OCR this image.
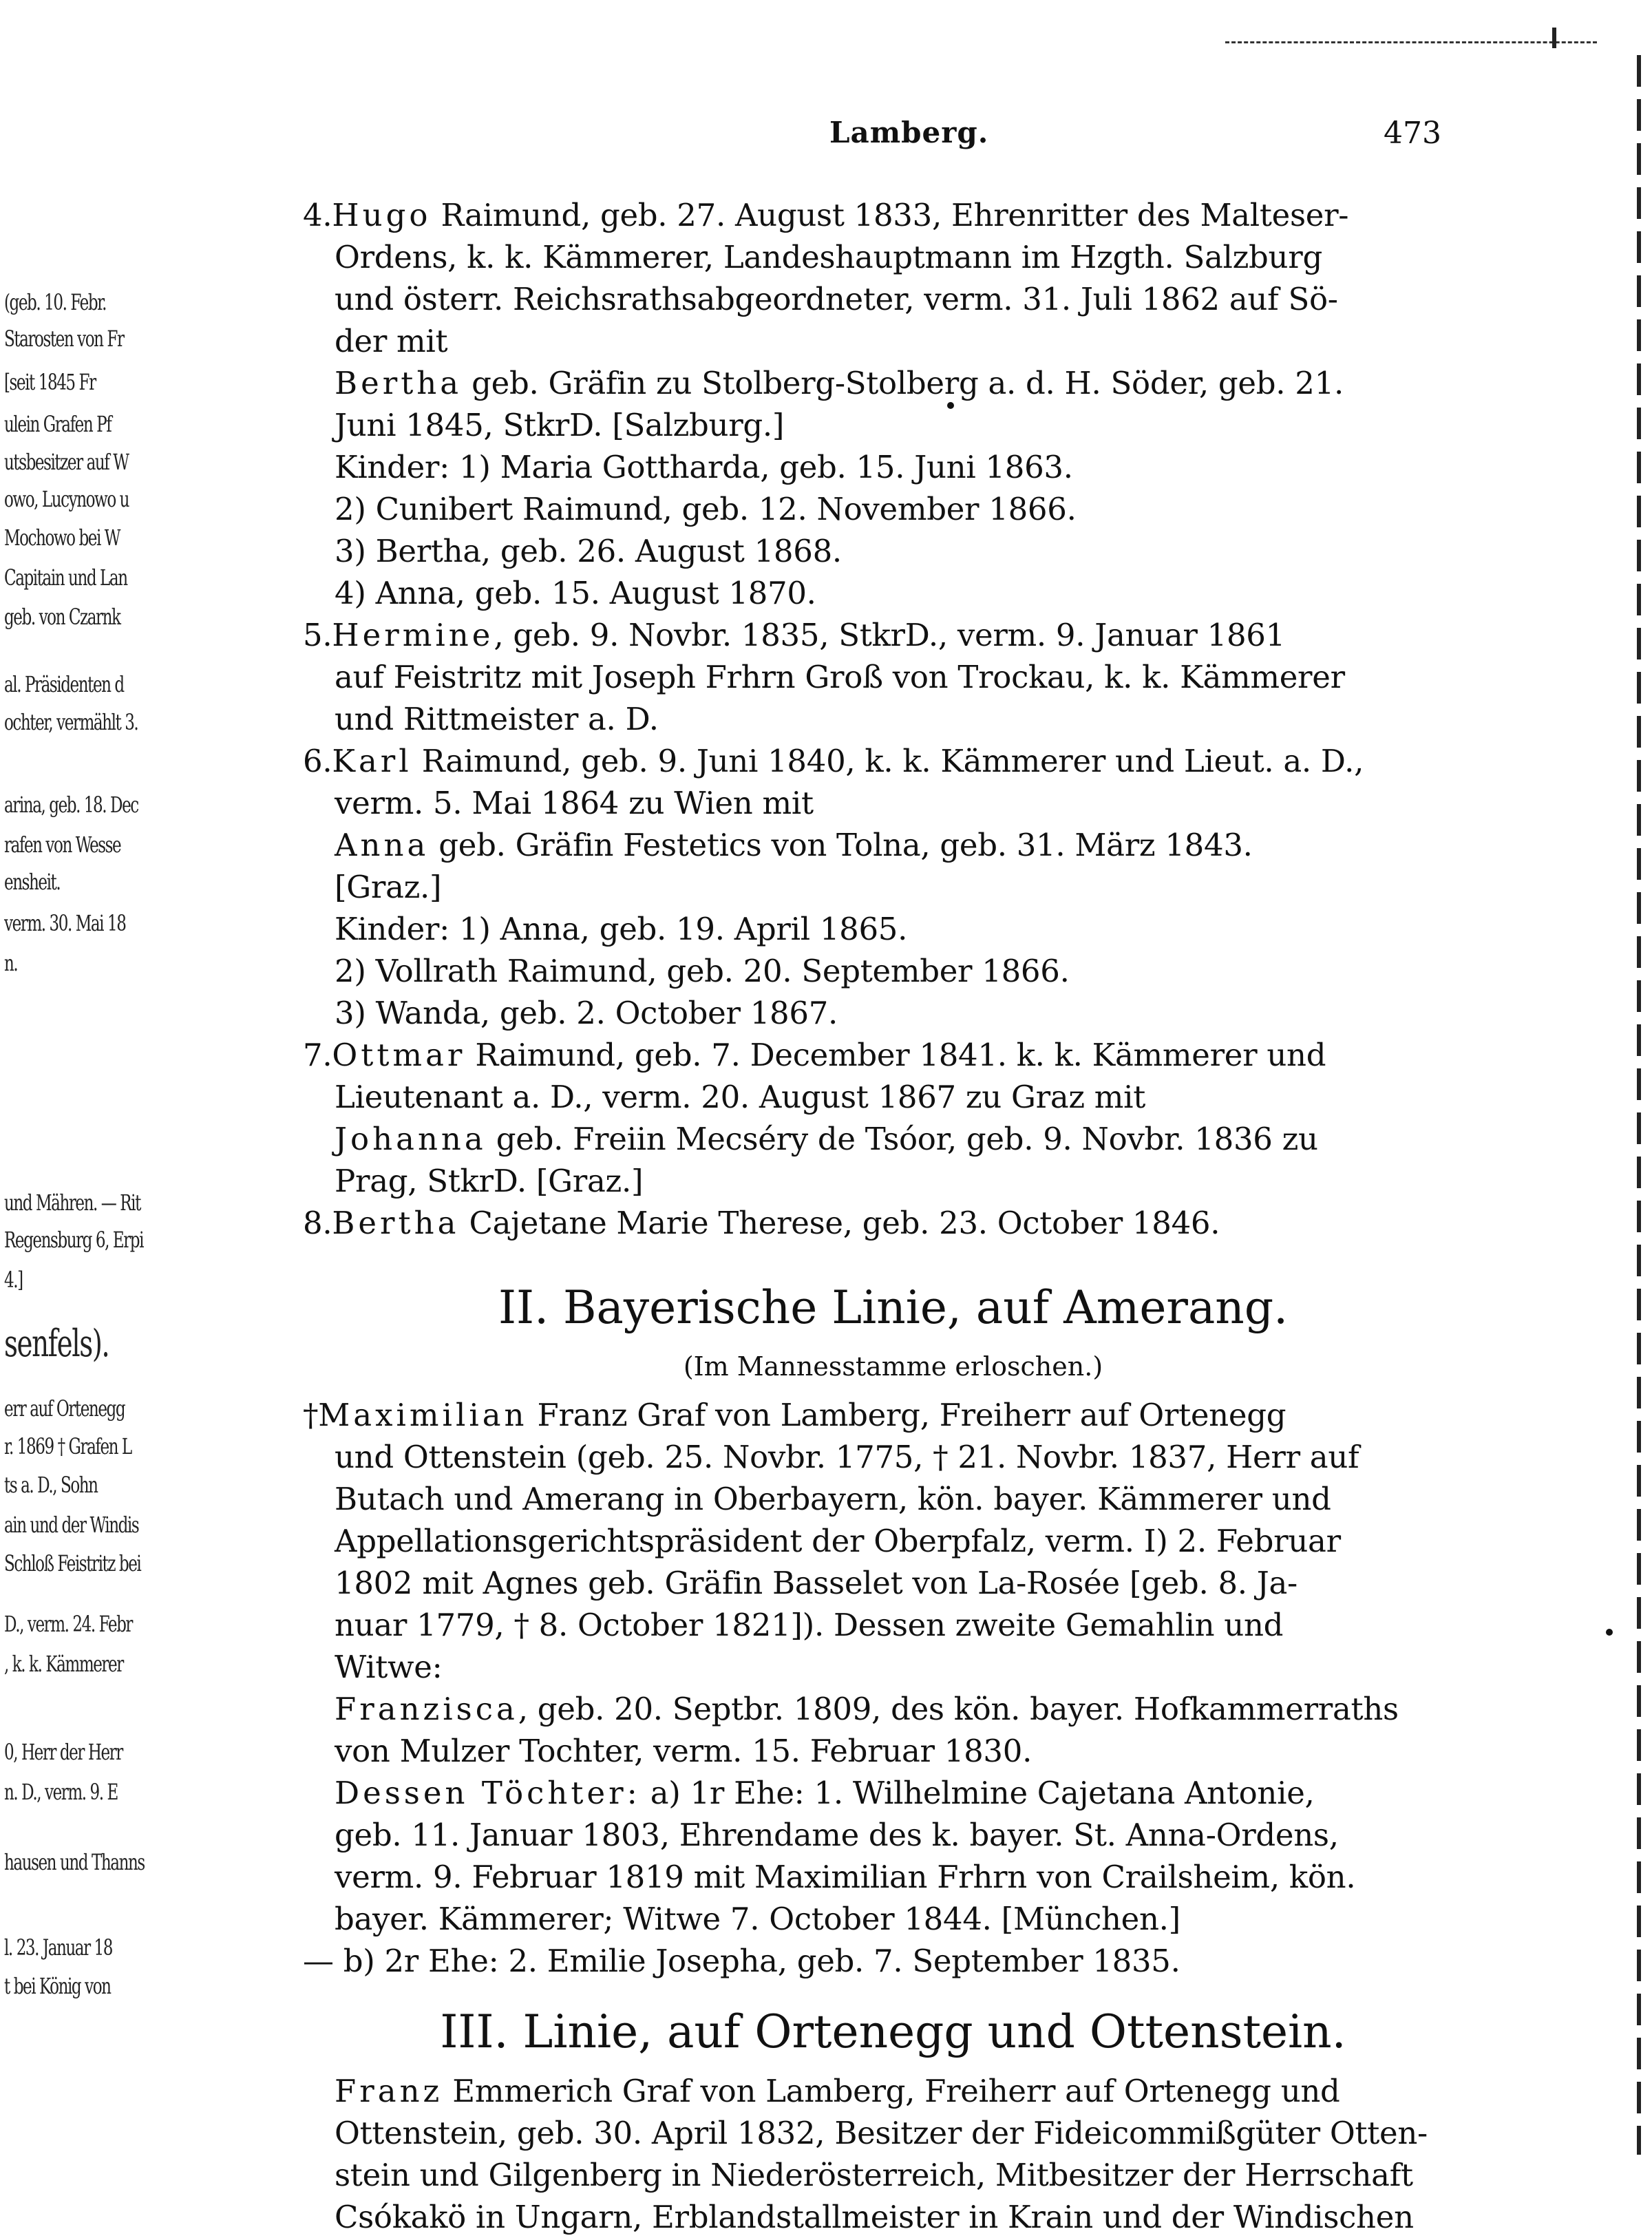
(geb. 10. Febr.
Starosten von Fr
[seit 1845 Fr
ulein Grafen Pf
utsbesitzer auf W
owo, Lucynowo u
Mochowo bei W
Capitain und Lan
geb. von Czarnk
al. Präsidenten d
ochter, vermählt 3.
arina, geb. 18. Dec
rafen von Wesse
ensheit.
verm. 30. Mai 18
n.
und Mähren. — Rit
Regensburg 6, Erpi
4.]
senfels).
err auf Ortenegg
r. 1869 † Grafen L
ts a. D., Sohn
ain und der Windis
Schloß Feistritz bei
D., verm. 24. Febr
, k. k. Kämmerer
0, Herr der Herr
n. D., verm. 9. E
hausen und Thanns
l. 23. Januar 18
t bei König von
Lamberg.	473
4.Hugo Raimund, geb. 27. August 1833, Ehrenritter des Malteser-
Ordens, k. k. Kämmerer, Landeshauptmann im Hzgth. Salzburg
und österr. Reichsrathsabgeordneter, verm. 31. Juli 1862 auf Sö-
der mit
Bertha geb. Gräfin zu Stolberg-Stolberg a. d. H. Söder, geb. 21.
Juni 1845, StkrD. [Salzburg.]
Kinder: 1) Maria Gottharda, geb. 15. Juni 1863.
2) Cunibert Raimund, geb. 12. November 1866.
3) Bertha, geb. 26. August 1868.
4) Anna, geb. 15. August 1870.
5.Hermine, geb. 9. Novbr. 1835, StkrD., verm. 9. Januar 1861
auf Feistritz mit Joseph Frhrn Groß von Trockau, k. k. Kämmerer
und Rittmeister a. D.
6.Karl Raimund, geb. 9. Juni 1840, k. k. Kämmerer und Lieut. a. D.,
verm. 5. Mai 1864 zu Wien mit
Anna geb. Gräfin Festetics von Tolna, geb. 31. März 1843.
[Graz.]
Kinder: 1) Anna, geb. 19. April 1865.
2) Vollrath Raimund, geb. 20. September 1866.
3) Wanda, geb. 2. October 1867.
7.Ottmar Raimund, geb. 7. December 1841. k. k. Kämmerer und
Lieutenant a. D., verm. 20. August 1867 zu Graz mit
Johanna geb. Freiin Mecséry de Tsóor, geb. 9. Novbr. 1836 zu
Prag, StkrD. [Graz.]
8.Bertha Cajetane Marie Therese, geb. 23. October 1846.
II. Bayerische Linie, auf Amerang.
(Im Mannesstamme erloschen.)
†Maximilian Franz Graf von Lamberg, Freiherr auf Ortenegg
und Ottenstein (geb. 25. Novbr. 1775, † 21. Novbr. 1837, Herr auf
Butach und Amerang in Oberbayern, kön. bayer. Kämmerer und
Appellationsgerichtspräsident der Oberpfalz, verm. I) 2. Februar
1802 mit Agnes geb. Gräfin Basselet von La-Rosée [geb. 8. Ja-
nuar 1779, † 8. October 1821]). Dessen zweite Gemahlin und
Witwe:
Franzisca, geb. 20. Septbr. 1809, des kön. bayer. Hofkammerraths
von Mulzer Tochter, verm. 15. Februar 1830.
Dessen Töchter: a) 1r Ehe: 1. Wilhelmine Cajetana Antonie,
geb. 11. Januar 1803, Ehrendame des k. bayer. St. Anna-Ordens,
verm. 9. Februar 1819 mit Maximilian Frhrn von Crailsheim, kön.
bayer. Kämmerer; Witwe 7. October 1844. [München.]
— b) 2r Ehe: 2. Emilie Josepha, geb. 7. September 1835.
III. Linie, auf Ortenegg und Ottenstein.
Franz Emmerich Graf von Lamberg, Freiherr auf Ortenegg und
Ottenstein, geb. 30. April 1832, Besitzer der Fideicommißgüter Otten-
stein und Gilgenberg in Niederösterreich, Mitbesitzer der Herrschaft
Csókakö in Ungarn, Erblandstallmeister in Krain und der Windischen
